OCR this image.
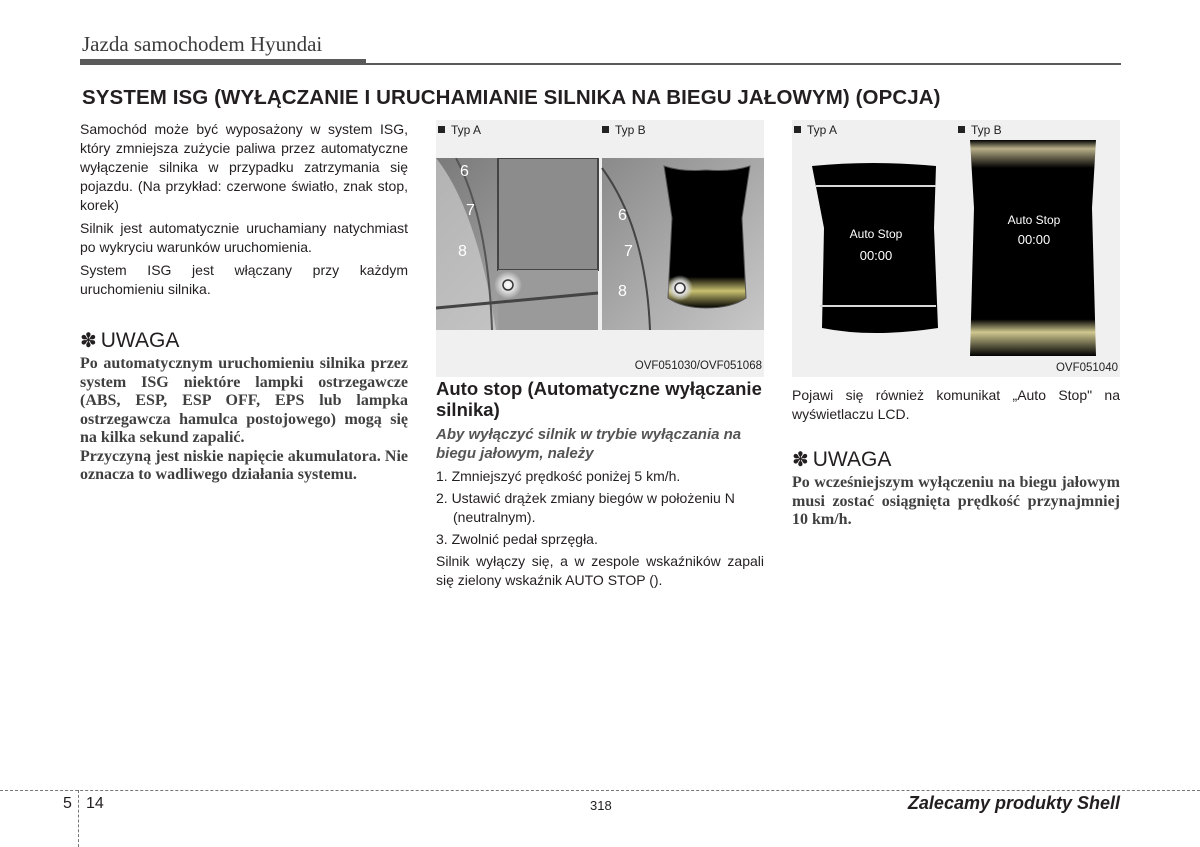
Jazda samochodem Hyundai
SYSTEM ISG (WYŁĄCZANIE I URUCHAMIANIE SILNIKA NA BIEGU JAŁOWYM) (OPCJA)

Samochód może być wyposażony w system ISG, który zmniejsza zużycie paliwa przez automatyczne wyłączenie silnika w przypadku zatrzymania się pojazdu. (Na przykład: czerwone światło, znak stop, korek)

Silnik jest automatycznie uruchamiany natychmiast po wykryciu warunków uruchomienia.

System ISG jest włączany przy każdym uruchomieniu silnika.

✽ UWAGA

Po automatycznym uruchomieniu silnika przez system ISG niektóre lampki ostrzegawcze (ABS, ESP, ESP OFF, EPS lub lampka ostrzegawcza hamulca postojowego) mogą się na kilka sekund zapalić.

Przyczyną jest niskie napięcie akumulatora. Nie oznacza to wadliwego działania systemu.

Typ A	Typ B
6
7
8
6
7
8
OVF051030/OVF051068
Auto stop (Automatyczne wyłączanie silnika)
Aby wyłączyć silnik w trybie wyłączania na biegu jałowym, należy

1. Zmniejszyć prędkość poniżej 5 km/h.

2. Ustawić drążek zmiany biegów w położeniu N (neutralnym).

3. Zwolnić pedał sprzęgła.

Silnik wyłączy się, a w zespole wskaźników zapali się zielony wskaźnik AUTO STOP ().

Typ A	Typ B
Auto Stop
00:00
Auto Stop
00:00
OVF051040
Pojawi się również komunikat „Auto Stop" na wyświetlaczu LCD.
✽ UWAGA
Po wcześniejszym wyłączeniu na biegu jałowym musi zostać osiągnięta prędkość przynajmniej 10 km/h.
5 14	318	Zalecamy produkty Shell
